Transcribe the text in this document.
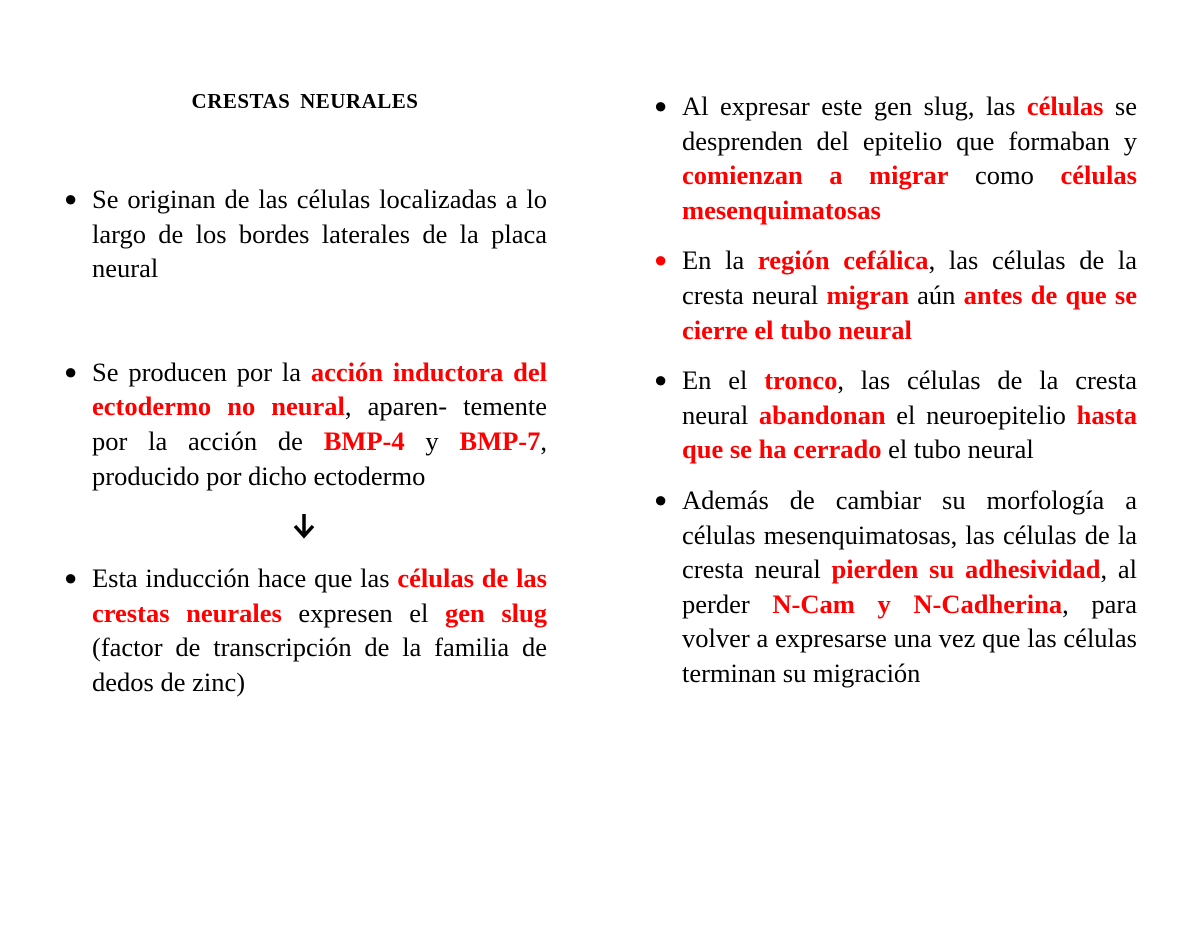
CRESTAS NEURALES
● Se originan de las células localizadas a lo largo de los bordes laterales de la placa neural
● Se producen por la acción inductora del ectodermo no neural, aparen- temente por la acción de BMP-4 y BMP-7, producido por dicho ectodermo
● Esta inducción hace que las células de las crestas neurales expresen el gen slug (factor de transcripción de la familia de dedos de zinc)
● Al expresar este gen slug, las células se desprenden del epitelio que formaban y comienzan a migrar como células mesenquimatosas
● En la región cefálica, las células de la cresta neural migran aún antes de que se cierre el tubo neural
● En el tronco, las células de la cresta neural abandonan el neuroepitelio hasta que se ha cerrado el tubo neural
● Además de cambiar su morfología a células mesenquimatosas, las células de la cresta neural pierden su adhesividad, al perder N-Cam y N-Cadherina, para volver a expresarse una vez que las células terminan su migración
